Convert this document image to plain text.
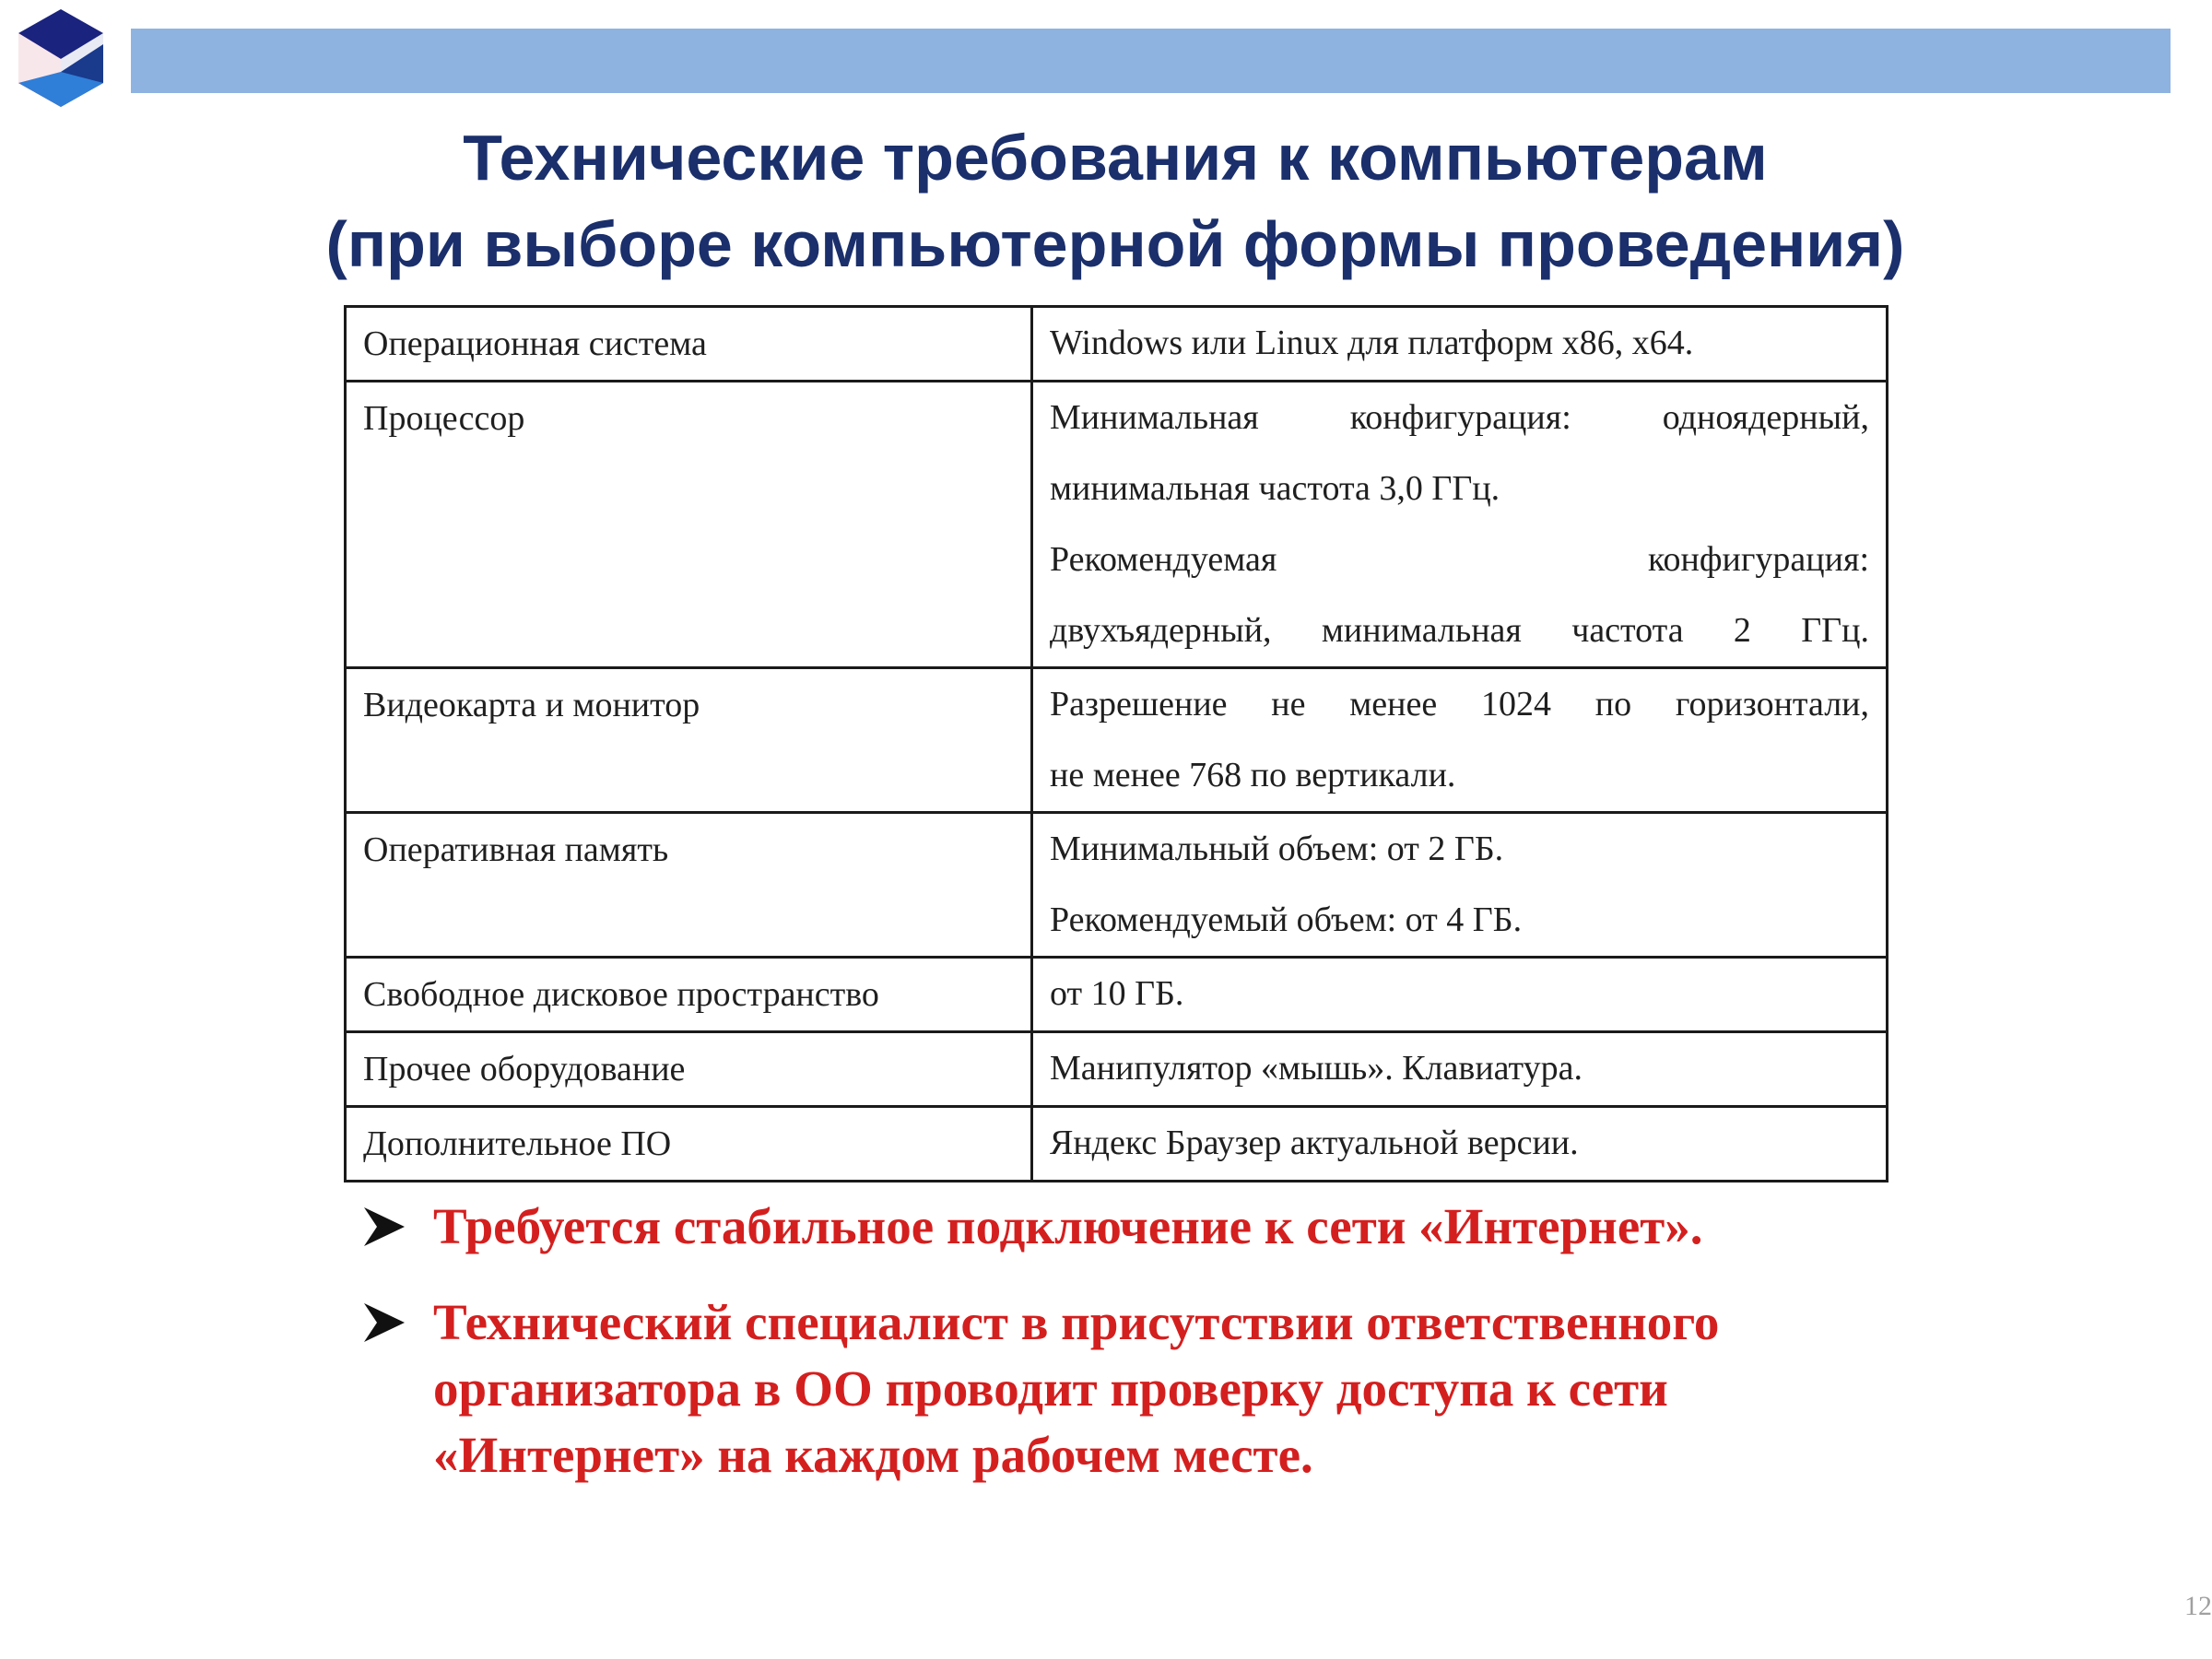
Технические требования к компьютерам
(при выборе компьютерной формы проведения)
Операционная система	Windows или Linux для платформ x86, x64.

Процессор	Минимальная конфигурация: одноядерный,
минимальная частота 3,0 ГГц.
Рекомендуемая конфигурация:
двухъядерный, минимальная частота 2 ГГц.

Видеокарта и монитор	Разрешение не менее 1024 по горизонтали,
не менее 768 по вертикали.

Оперативная память	Минимальный объем: от 2 ГБ.
Рекомендуемый объем: от 4 ГБ.

Свободное дисковое пространство	от 10 ГБ.

Прочее оборудование	Манипулятор «мышь». Клавиатура.

Дополнительное ПО	Яндекс Браузер актуальной версии.
Требуется стабильное подключение к сети «Интернет».
Технический специалист в присутствии ответственного
организатора в ОО проводит проверку доступа к сети
«Интернет» на каждом рабочем месте.
12
